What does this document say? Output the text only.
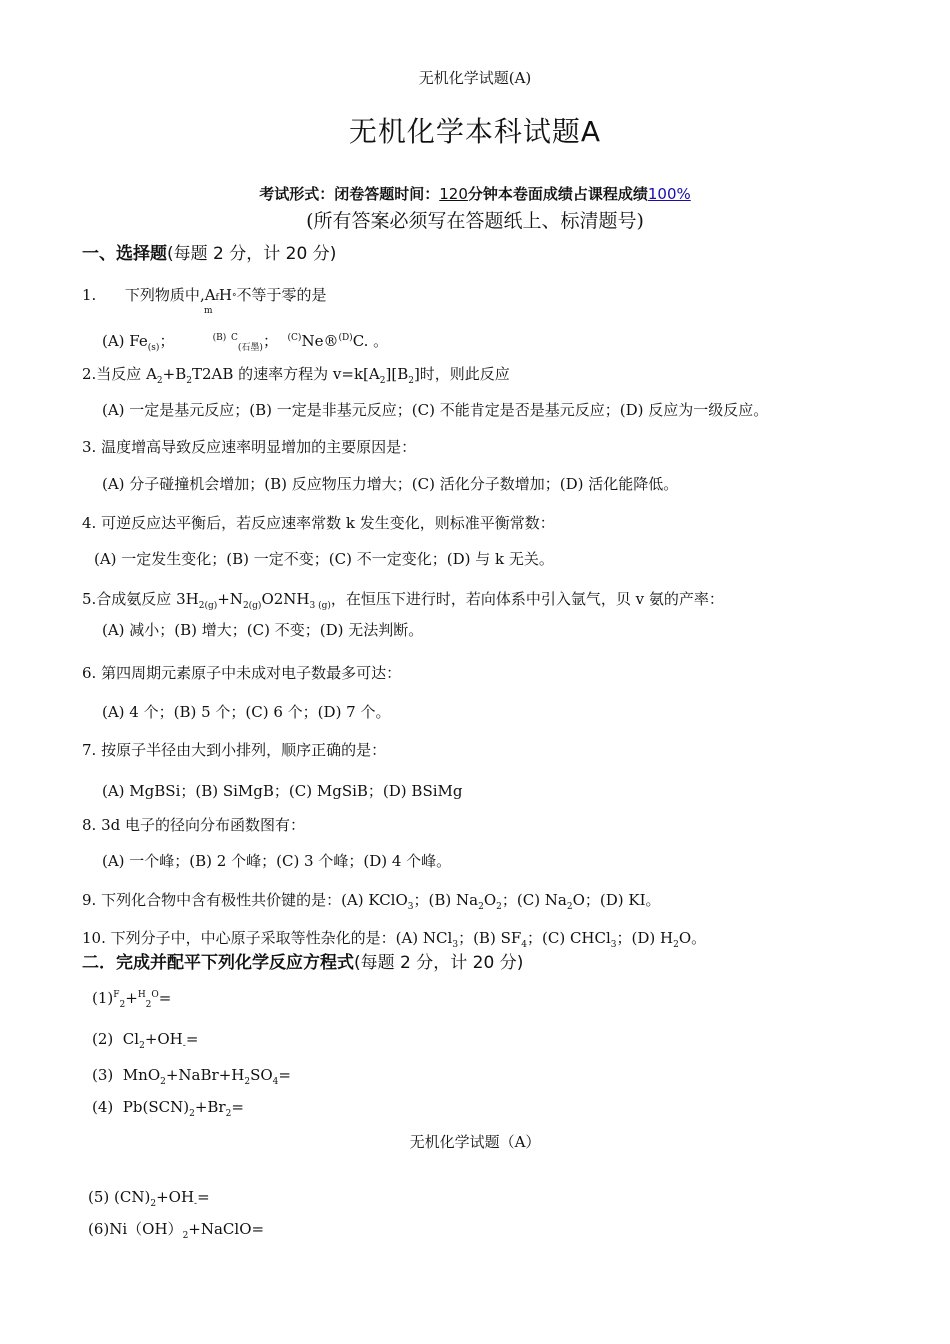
无机化学试题(A)
无机化学本科试题A
考试形式：闭卷答题时间：120分钟本卷面成绩占课程成绩100%
(所有答案必须写在答题纸上、标清题号)
一、选择题(每题 2 分，计 20 分)
1. 下列物质中,AfH°
m
不等于零的是
(A) $Fe_{(s)}$；	$^{(B)}$ $^C_{(石墨)}$； $^{(C)}$Ne®$^{(D)}$C. 。
2.当反应 $A_2+B_2T2AB$ 的速率方程为 $v=k[A_2][B_2]$时，则此反应
(A) 一定是基元反应；(B) 一定是非基元反应；(C) 不能肯定是否是基元反应；(D) 反应为一级反应。
3. 温度增高导致反应速率明显增加的主要原因是：
(A) 分子碰撞机会增加；(B) 反应物压力增大；(C) 活化分子数增加；(D) 活化能降低。
4. 可逆反应达平衡后，若反应速率常数 k 发生变化，则标准平衡常数：
(A) 一定发生变化；(B) 一定不变；(C) 不一定变化；(D) 与 k 无关。
5.合成氨反应 $3H_{2(g)}+N_{2(g)}O2NH_{3 (g)}$，在恒压下进行时，若向体系中引入氩气，贝 v 氨的产率：
(A) 减小；(B) 增大；(C) 不变；(D) 无法判断。
6. 第四周期元素原子中未成对电子数最多可达：
(A) 4 个；(B) 5 个；(C) 6 个；(D) 7 个。
7. 按原子半径由大到小排列，顺序正确的是：
(A) MgBSi；(B) SiMgB；(C) MgSiB；(D) BSiMg
8. 3d 电子的径向分布函数图有：
(A) 一个峰；(B) 2 个峰；(C) 3 个峰；(D) 4 个峰。
9. 下列化合物中含有极性共价键的是：(A) KClO$_3$；(B) $Na_2O_2$；(C) $Na_2O$；(D) KI。
10. 下列分子中，中心原子采取等性杂化的是：(A) NCl$_3$；(B) $SF_4$；(C) CHCl$_3$；(D) $H_2O$。
二．完成并配平下列化学反应方程式(每题 2 分，计 20 分)
$(1)^F_2+^H_2^O=$
(2) $Cl_2+OH_-=$
(3) $MnO_2+NaBr+H_2SO_4=$
(4) $Pb(SCN)_2+Br_2=$
无机化学试题（A）
(5) $(CN)_2+OH_-=$
$(6)Ni(OH)_2+NaClO=$
